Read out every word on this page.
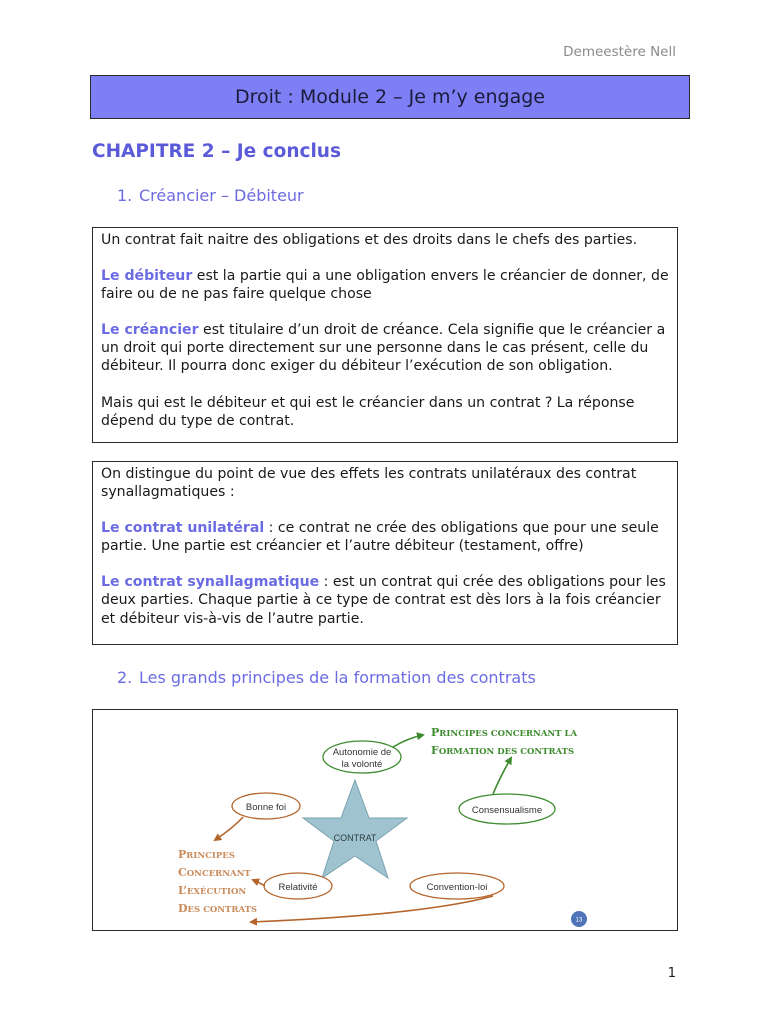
Demeestère Nell
Droit : Module 2 – Je m’y engage
CHAPITRE 2 – Je conclus
1. Créancier – Débiteur

Un contrat fait naitre des obligations et des droits dans le chefs des parties.

Le débiteur est la partie qui a une obligation envers le créancier de donner, de faire ou de ne pas faire quelque chose

Le créancier est titulaire d’un droit de créance. Cela signifie que le créancier a un droit qui porte directement sur une personne dans le cas présent, celle du débiteur. Il pourra donc exiger du débiteur l’exécution de son obligation.

Mais qui est le débiteur et qui est le créancier dans un contrat ? La réponse dépend du type de contrat.

On distingue du point de vue des effets les contrats unilatéraux des contrat synallagmatiques :

Le contrat unilatéral : ce contrat ne crée des obligations que pour une seule partie. Une partie est créancier et l’autre débiteur (testament, offre)

Le contrat synallagmatique : est un contrat qui crée des obligations pour les deux parties. Chaque partie à ce type de contrat est dès lors à la fois créancier et débiteur vis-à-vis de l’autre partie.

2. Les grands principes de la formation des contrats
CONTRAT
Autonomie de
la volonté
Consensualisme
Bonne foi
Relativité	Convention-loi
PRINCIPES CONCERNANT LA
FORMATION DES CONTRATS
PRINCIPES
CONCERNANT
L’EXÉCUTION
DES CONTRATS
13
1
